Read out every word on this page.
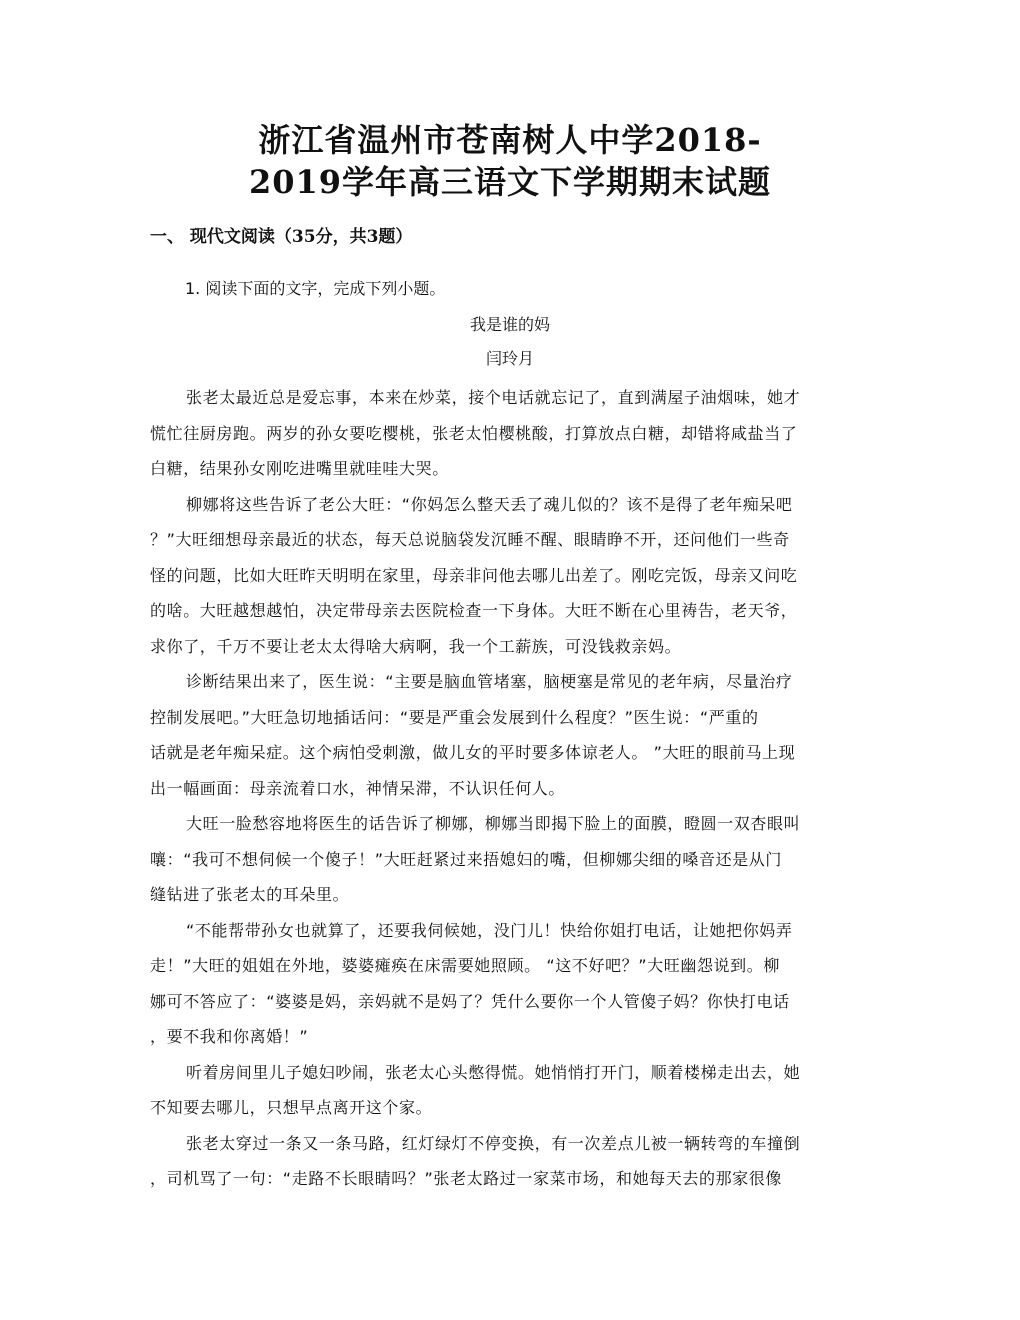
浙江省温州市苍南树人中学2018-
2019学年高三语文下学期期末试题
一、 现代文阅读（35分，共3题）
1. 阅读下面的文字，完成下列小题。
我是谁的妈
闫玲月
张老太最近总是爱忘事，本来在炒菜，接个电话就忘记了，直到满屋子油烟味，她才
慌忙往厨房跑。两岁的孙女要吃樱桃，张老太怕樱桃酸，打算放点白糖，却错将咸盐当了
白糖，结果孙女刚吃进嘴里就哇哇大哭。
柳娜将这些告诉了老公大旺：“你妈怎么整天丢了魂儿似的？该不是得了老年痴呆吧
？”大旺细想母亲最近的状态，每天总说脑袋发沉睡不醒、眼睛睁不开，还问他们一些奇
怪的问题，比如大旺昨天明明在家里，母亲非问他去哪儿出差了。刚吃完饭，母亲又问吃
的啥。大旺越想越怕，决定带母亲去医院检查一下身体。大旺不断在心里祷告，老天爷，
求你了，千万不要让老太太得啥大病啊，我一个工薪族，可没钱救亲妈。
诊断结果出来了，医生说：“主要是脑血管堵塞，脑梗塞是常见的老年病，尽量治疗
控制发展吧。”大旺急切地插话问：“要是严重会发展到什么程度？”医生说：“严重的
话就是老年痴呆症。这个病怕受刺激，做儿女的平时要多体谅老人。 ”大旺的眼前马上现
出一幅画面：母亲流着口水，神情呆滞，不认识任何人。
大旺一脸愁容地将医生的话告诉了柳娜，柳娜当即揭下脸上的面膜，瞪圆一双杏眼叫
嚷：“我可不想伺候一个傻子！”大旺赶紧过来捂媳妇的嘴，但柳娜尖细的嗓音还是从门
缝钻进了张老太的耳朵里。
“不能帮带孙女也就算了，还要我伺候她，没门儿！快给你姐打电话，让她把你妈弄
走！”大旺的姐姐在外地，婆婆瘫痪在床需要她照顾。 “这不好吧？”大旺幽怨说到。柳
娜可不答应了：“婆婆是妈，亲妈就不是妈了？凭什么要你一个人管傻子妈？你快打电话
，要不我和你离婚！”
听着房间里儿子媳妇吵闹，张老太心头憋得慌。她悄悄打开门，顺着楼梯走出去，她
不知要去哪儿，只想早点离开这个家。
张老太穿过一条又一条马路，红灯绿灯不停变换，有一次差点儿被一辆转弯的车撞倒
，司机骂了一句：“走路不长眼睛吗？”张老太路过一家菜市场，和她每天去的那家很像
